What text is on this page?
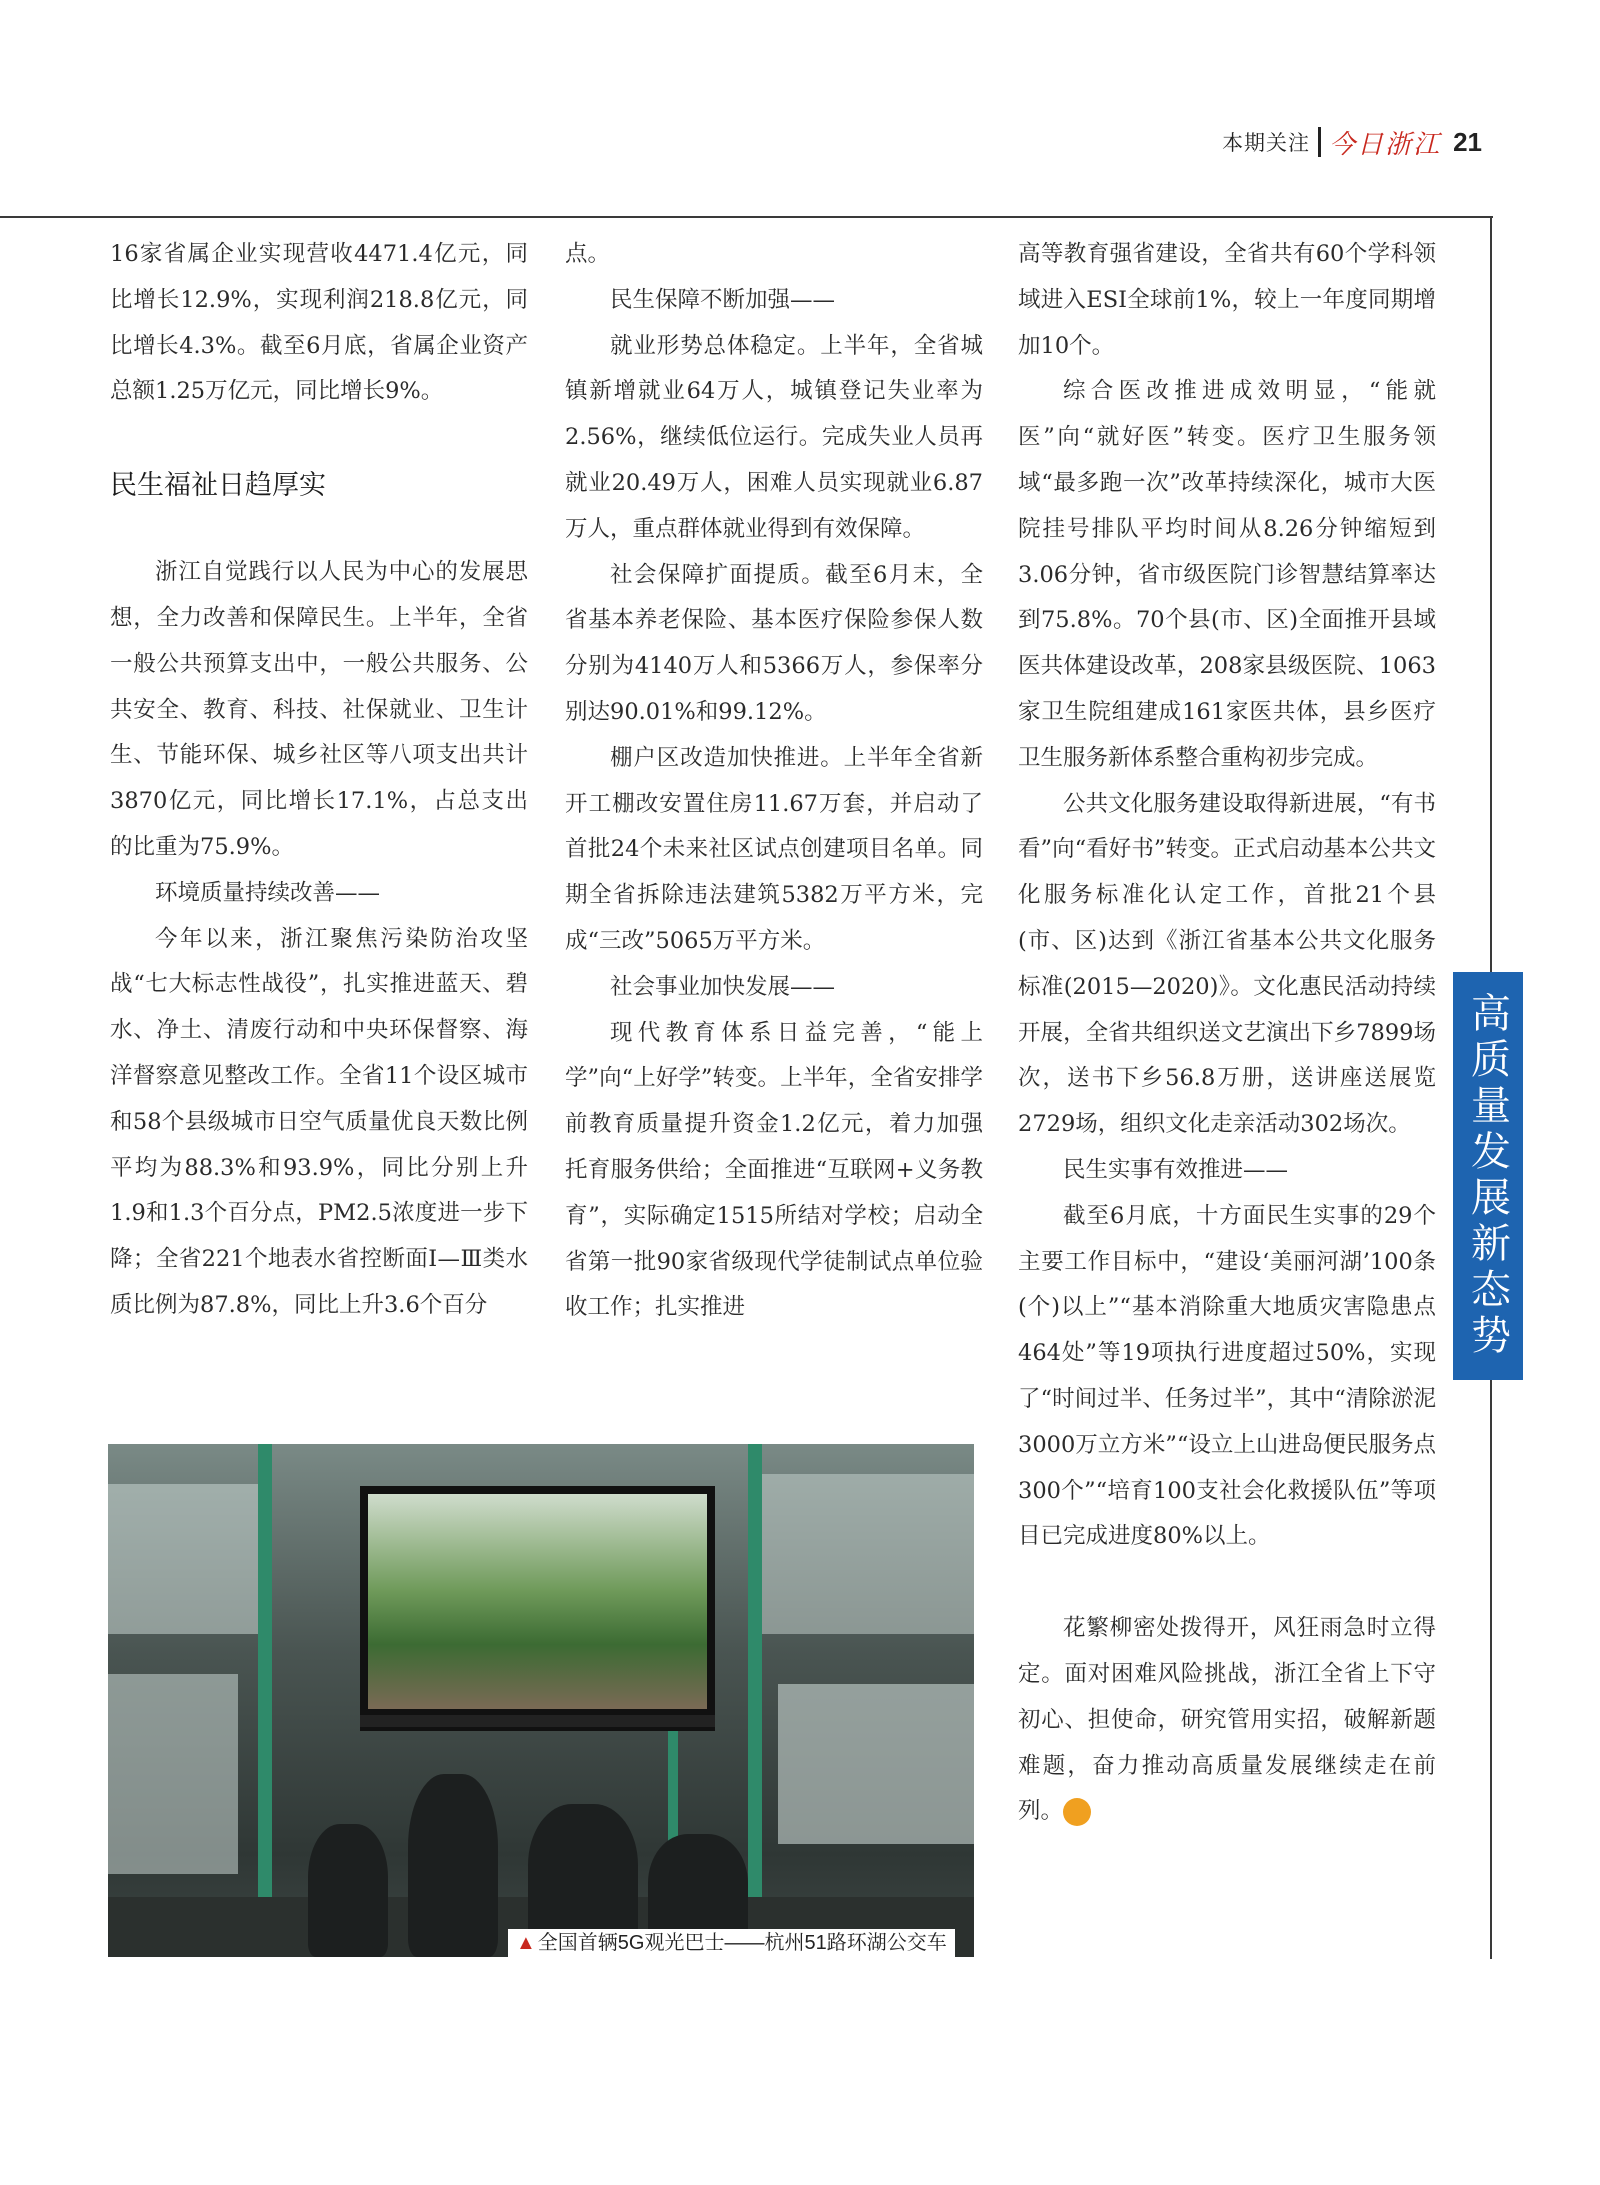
本期关注 今日浙江 21

16家省属企业实现营收4471.4亿元，同比增长12.9%，实现利润218.8亿元，同比增长4.3%。截至6月底，省属企业资产总额1.25万亿元，同比增长9%。

民生福祉日趋厚实

浙江自觉践行以人民为中心的发展思想，全力改善和保障民生。上半年，全省一般公共预算支出中，一般公共服务、公共安全、教育、科技、社保就业、卫生计生、节能环保、城乡社区等八项支出共计3870亿元，同比增长17.1%，占总支出的比重为75.9%。

环境质量持续改善——

今年以来，浙江聚焦污染防治攻坚战“七大标志性战役”，扎实推进蓝天、碧水、净土、清废行动和中央环保督察、海洋督察意见整改工作。全省11个设区城市和58个县级城市日空气质量优良天数比例平均为88.3%和93.9%，同比分别上升1.9和1.3个百分点，PM2.5浓度进一步下降；全省221个地表水省控断面Ⅰ—Ⅲ类水质比例为87.8%，同比上升3.6个百分

点。

民生保障不断加强——

就业形势总体稳定。上半年，全省城镇新增就业64万人，城镇登记失业率为2.56%，继续低位运行。完成失业人员再就业20.49万人，困难人员实现就业6.87万人，重点群体就业得到有效保障。

社会保障扩面提质。截至6月末，全省基本养老保险、基本医疗保险参保人数分别为4140万人和5366万人，参保率分别达90.01%和99.12%。

棚户区改造加快推进。上半年全省新开工棚改安置住房11.67万套，并启动了首批24个未来社区试点创建项目名单。同期全省拆除违法建筑5382万平方米，完成“三改”5065万平方米。

社会事业加快发展——

现代教育体系日益完善，“能上学”向“上好学”转变。上半年，全省安排学前教育质量提升资金1.2亿元，着力加强托育服务供给；全面推进“互联网+义务教育”，实际确定1515所结对学校；启动全省第一批90家省级现代学徒制试点单位验收工作；扎实推进

高等教育强省建设，全省共有60个学科领域进入ESI全球前1%，较上一年度同期增加10个。

综合医改推进成效明显，“能就医”向“就好医”转变。医疗卫生服务领域“最多跑一次”改革持续深化，城市大医院挂号排队平均时间从8.26分钟缩短到3.06分钟，省市级医院门诊智慧结算率达到75.8%。70个县(市、区)全面推开县域医共体建设改革，208家县级医院、1063家卫生院组建成161家医共体，县乡医疗卫生服务新体系整合重构初步完成。

公共文化服务建设取得新进展，“有书看”向“看好书”转变。正式启动基本公共文化服务标准化认定工作，首批21个县(市、区)达到《浙江省基本公共文化服务标准(2015—2020)》。文化惠民活动持续开展，全省共组织送文艺演出下乡7899场次，送书下乡56.8万册，送讲座送展览2729场，组织文化走亲活动302场次。

民生实事有效推进——

截至6月底，十方面民生实事的29个主要工作目标中，“建设‘美丽河湖’100条(个)以上”“基本消除重大地质灾害隐患点464处”等19项执行进度超过50%，实现了“时间过半、任务过半”，其中“清除淤泥3000万立方米”“设立上山进岛便民服务点300个”“培育100支社会化救援队伍”等项目已完成进度80%以上。

花繁柳密处拨得开，风狂雨急时立得定。面对困难风险挑战，浙江全省上下守初心、担使命，研究管用实招，破解新题难题，奋力推动高质量发展继续走在前列。	今

高质量发展新态势
▲ 全国首辆5G观光巴士——杭州51路环湖公交车
